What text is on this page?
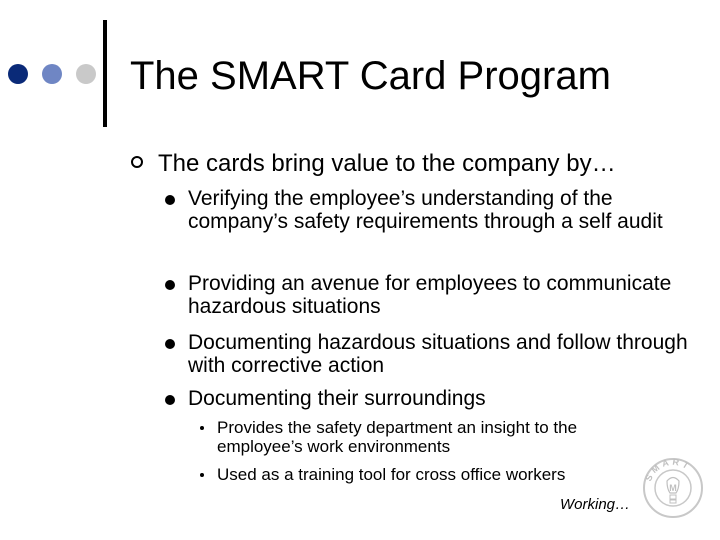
The SMART Card Program
The cards bring value to the company by…
Verifying the employee’s understanding of the company’s safety requirements through a self audit
Providing an avenue for employees to communicate hazardous situations
Documenting hazardous situations and follow through with corrective action
Documenting their surroundings
Provides the safety department an insight to the employee’s work environments
Used as a training tool for cross office workers
Working…
SMART
M
